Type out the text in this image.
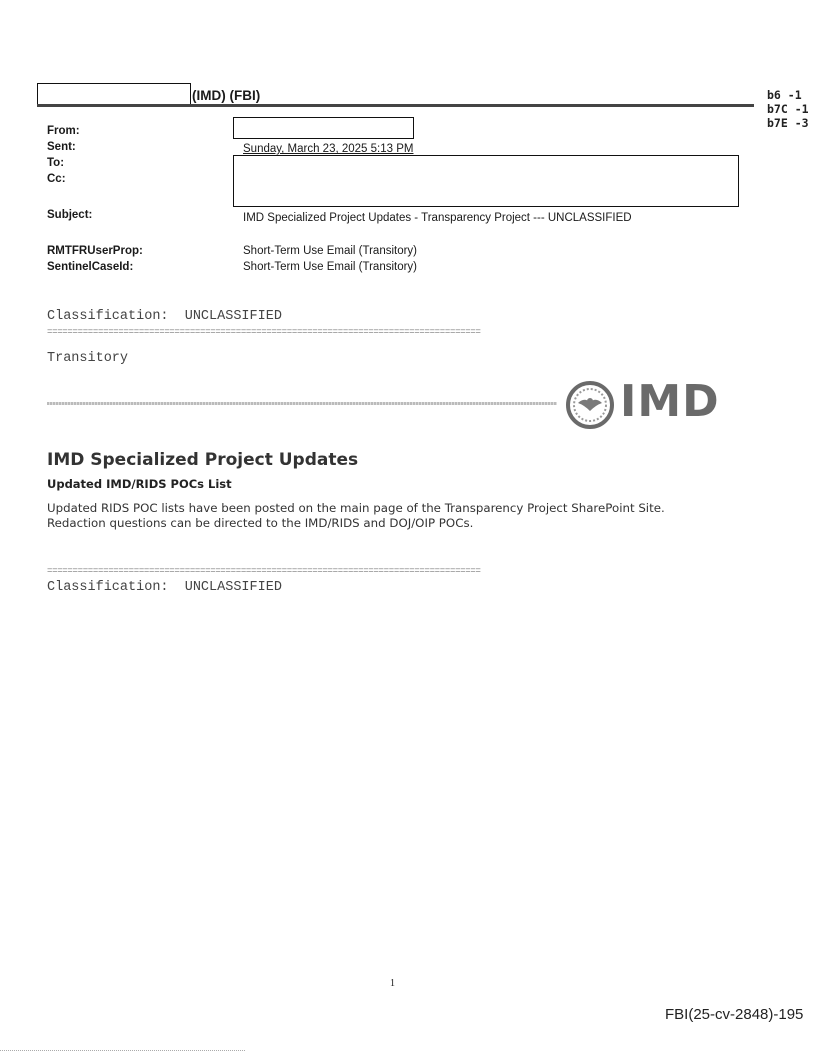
(IMD) (FBI)	b6 -1
b7C -1
b7E -3
From:
Sent:
To:
Cc:
Subject:
RMTFRUserProp:
SentinelCaseId:
Sunday, March 23, 2025 5:13 PM
IMD Specialized Project Updates - Transparency Project --- UNCLASSIFIED
Short-Term Use Email (Transitory)
Short-Term Use Email (Transitory)
Classification:  UNCLASSIFIED
=====================================================================================
Transitory
IMD
IMD Specialized Project Updates
Updated IMD/RIDS POCs List
Updated RIDS POC lists have been posted on the main page of the Transparency Project SharePoint Site.
Redaction questions can be directed to the IMD/RIDS and DOJ/OIP POCs.
=====================================================================================
Classification:  UNCLASSIFIED
1
FBI(25-cv-2848)-195
